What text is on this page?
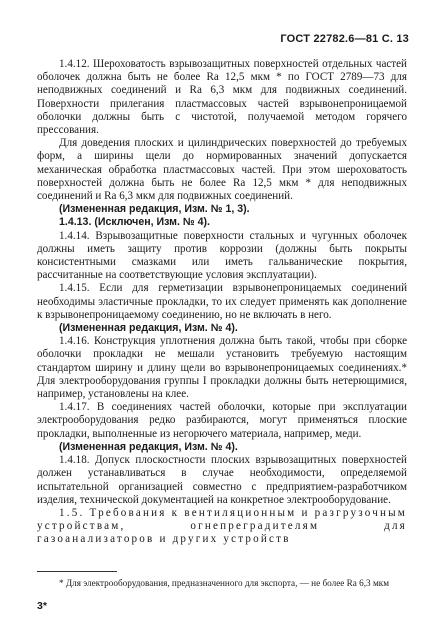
ГОСТ 22782.6—81 С. 13

1.4.12. Шероховатость взрывозащитных поверхностей отдельных частей оболочек должна быть не более Ra 12,5 мкм * по ГОСТ 2789—73 для неподвижных соединений и Ra 6,3 мкм для подвижных соединений. Поверхности прилегания пластмассовых частей взрывонепроницаемой оболочки должны быть с чистотой, получаемой методом горячего прессования.

Для доведения плоских и цилиндрических поверхностей до требуемых форм, а ширины щели до нормированных значений допускается механическая обработка пластмассовых частей. При этом шероховатость поверхностей должна быть не более Ra 12,5 мкм * для неподвижных соединений и Ra 6,3 мкм для подвижных соединений.

(Измененная редакция, Изм. № 1, 3).

1.4.13. (Исключен, Изм. № 4).

1.4.14. Взрывозащитные поверхности стальных и чугунных оболочек должны иметь защиту против коррозии (должны быть покрыты консистентными смазками или иметь гальванические покрытия, рассчитанные на соответствующие условия эксплуатации).

1.4.15. Если для герметизации взрывонепроницаемых соединений необходимы эластичные прокладки, то их следует применять как дополнение к взрывонепроницаемому соединению, но не включать в него.

(Измененная редакция, Изм. № 4).

1.4.16. Конструкция уплотнения должна быть такой, чтобы при сборке оболочки прокладки не мешали установить требуемую настоящим стандартом ширину и длину щели во взрывонепроницаемых соединениях.* Для электрооборудования группы I прокладки должны быть нетерющимися, например, установлены на клее.

1.4.17. В соединениях частей оболочки, которые при эксплуатации электрооборудования редко разбираются, могут применяться плоские прокладки, выполненные из негорючего материала, например, меди.

(Измененная редакция, Изм. № 4).

1.4.18. Допуск плоскостности плоских взрывозащитных поверхностей должен устанавливаться в случае необходимости, определяемой испытательной организацией совместно с предприятием-разработчиком изделия, технической документацией на конкретное электрооборудование.

1.5. Требования к вентиляционным и разгрузочным устройствам, огнепреградителям для газоанализаторов и других устройств

* Для электрооборудования, предназначенного для экспорта, — не более Ra 6,3 мкм

3*
